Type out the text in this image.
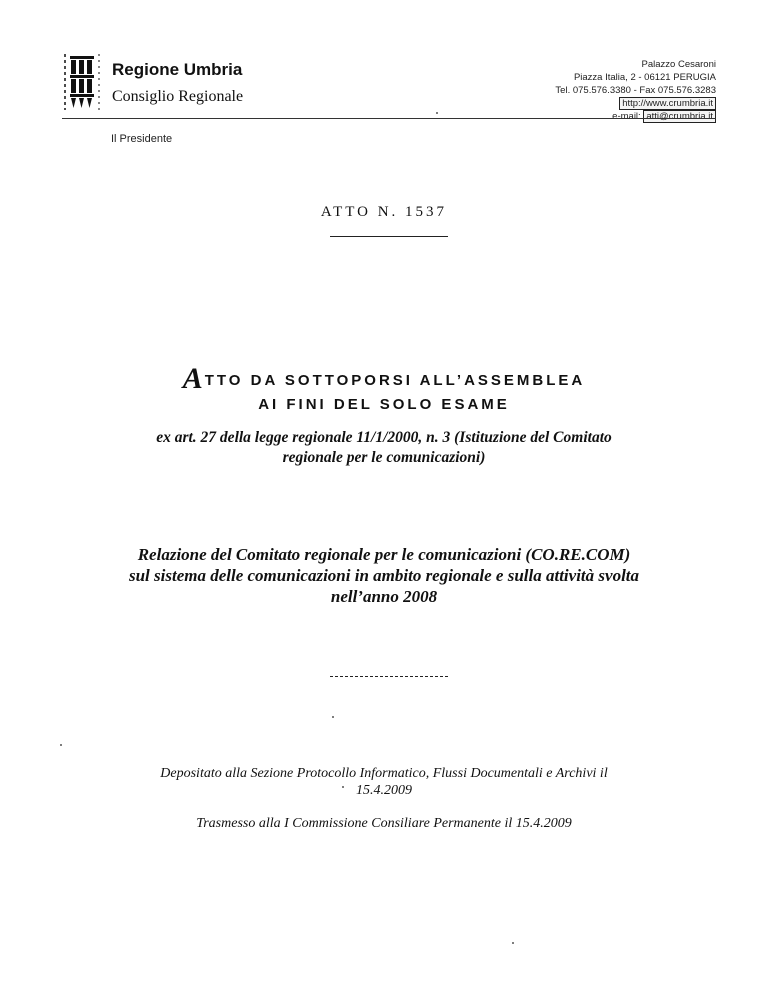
Regione Umbria
Consiglio Regionale
Palazzo Cesaroni
Piazza Italia, 2 - 06121 PERUGIA
Tel. 075.576.3380 - Fax 075.576.3283
http://www.crumbria.it
e-mail: atti@crumbria.it
Il Presidente
ATTO N. 1537
ATTO DA SOTTOPORSI ALL’ASSEMBLEA
AI FINI DEL SOLO ESAME
ex art. 27 della legge regionale 11/1/2000, n. 3 (Istituzione del Comitato
regionale per le comunicazioni)
Relazione del Comitato regionale per le comunicazioni (CO.RE.COM)
sul sistema delle comunicazioni in ambito regionale e sulla attività svolta
nell’anno 2008
Depositato alla Sezione Protocollo Informatico, Flussi Documentali e Archivi il
15.4.2009
Trasmesso alla I Commissione Consiliare Permanente il 15.4.2009
